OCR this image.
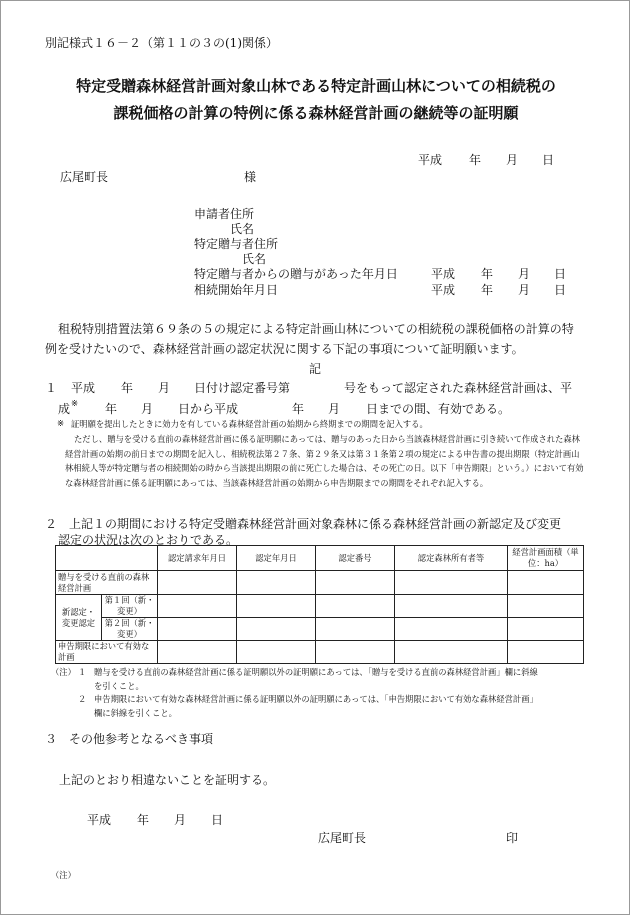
別記様式１６－２（第１１の３の(1)関係）
特定受贈森林経営計画対象山林である特定計画山林についての相続税の
課税価格の計算の特例に係る森林経営計画の継続等の証明願
平成 年 月 日
広尾町長	様
申請者住所
氏名
特定贈与者住所
氏名
特定贈与者からの贈与があった年月日	平成 年 月 日
相続開始年月日	平成 年 月 日
租税特別措置法第６９条の５の規定による特定計画山林についての相続税の課税価格の計算の特例を受けたいので、森林経営計画の認定状況に関する下記の事項について証明願います。
記
１ 平成 年 月 日付け認定番号第	号をもって認定された森林経営計画は、平
成 ※ 年 月 日から平成	年 月 日までの間、有効である。
※ 証明願を提出したときに効力を有している森林経営計画の始期から終期までの期間を記入する。
ただし、贈与を受ける直前の森林経営計画に係る証明願にあっては、贈与のあった日から当該森林経営計画に引き続いて作成された森林経営計画の始期の前日までの期間を記入し、相続税法第２７条、第２９条又は第３１条第２項の規定による申告書の提出期限（特定計画山林相続人等が特定贈与者の相続開始の時から当該提出期限の前に死亡した場合は、その死亡の日。以下「申告期限」という。）において有効な森林経営計画に係る証明願にあっては、当該森林経営計画の始期から申告期限までの期間をそれぞれ記入する。
２　上記１の期間における特定受贈森林経営計画対象森林に係る森林経営計画の新認定及び変更
認定の状況は次のとおりである。
		認定請求年月日	認定年月日	認定番号	認定森林所有者等	経営計画面積（単位：ha）
贈与を受ける直前の森林経営計画						
新認定・変更認定	第１回（新・変更）					
	第２回（新・変更）					
申告期限において有効な計画						
（注） １ 贈与を受ける直前の森林経営計画に係る証明願以外の証明願にあっては、「贈与を受ける直前の森林経営計画」欄に斜線
を引くこと。
２ 申告期限において有効な森林経営計画に係る証明願以外の証明願にあっては、「申告期限において有効な森林経営計画」
欄に斜線を引くこと。
３　その他参考となるべき事項
上記のとおり相違ないことを証明する。
平成 年 月 日
広尾町長	印
（注）
